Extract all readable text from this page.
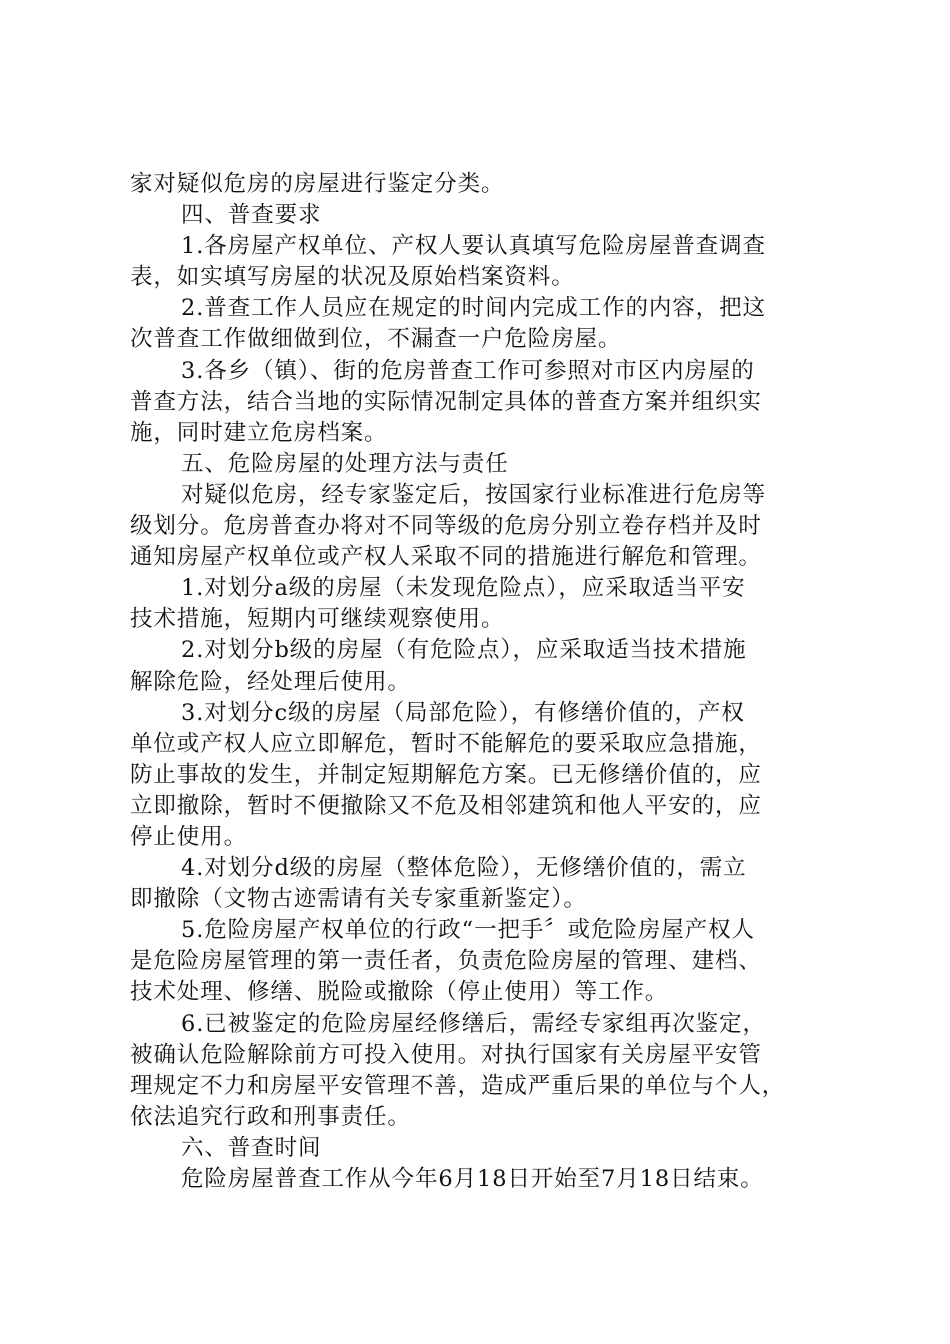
家对疑似危房的房屋进行鉴定分类。
四、普查要求
1.各房屋产权单位、产权人要认真填写危险房屋普查调查
表，如实填写房屋的状况及原始档案资料。
2.普查工作人员应在规定的时间内完成工作的内容，把这
次普查工作做细做到位，不漏查一户危险房屋。
3.各乡（镇）、街的危房普查工作可参照对市区内房屋的
普查方法，结合当地的实际情况制定具体的普查方案并组织实
施，同时建立危房档案。
五、危险房屋的处理方法与责任
对疑似危房，经专家鉴定后，按国家行业标准进行危房等
级划分。危房普查办将对不同等级的危房分别立卷存档并及时
通知房屋产权单位或产权人采取不同的措施进行解危和管理。
1.对划分a级的房屋（未发现危险点），应采取适当平安
技术措施，短期内可继续观察使用。
2.对划分b级的房屋（有危险点），应采取适当技术措施
解除危险，经处理后使用。
3.对划分c级的房屋（局部危险），有修缮价值的，产权
单位或产权人应立即解危，暂时不能解危的要采取应急措施，
防止事故的发生，并制定短期解危方案。已无修缮价值的，应
立即撤除，暂时不便撤除又不危及相邻建筑和他人平安的，应
停止使用。
4.对划分d级的房屋（整体危险），无修缮价值的，需立
即撤除（文物古迹需请有关专家重新鉴定）。
5.危险房屋产权单位的行政“一把手〞或危险房屋产权人
是危险房屋管理的第一责任者，负责危险房屋的管理、建档、
技术处理、修缮、脱险或撤除（停止使用）等工作。
6.已被鉴定的危险房屋经修缮后，需经专家组再次鉴定，
被确认危险解除前方可投入使用。对执行国家有关房屋平安管
理规定不力和房屋平安管理不善，造成严重后果的单位与个人，
依法追究行政和刑事责任。
六、普查时间
危险房屋普查工作从今年6月18日开始至7月18日结束。
